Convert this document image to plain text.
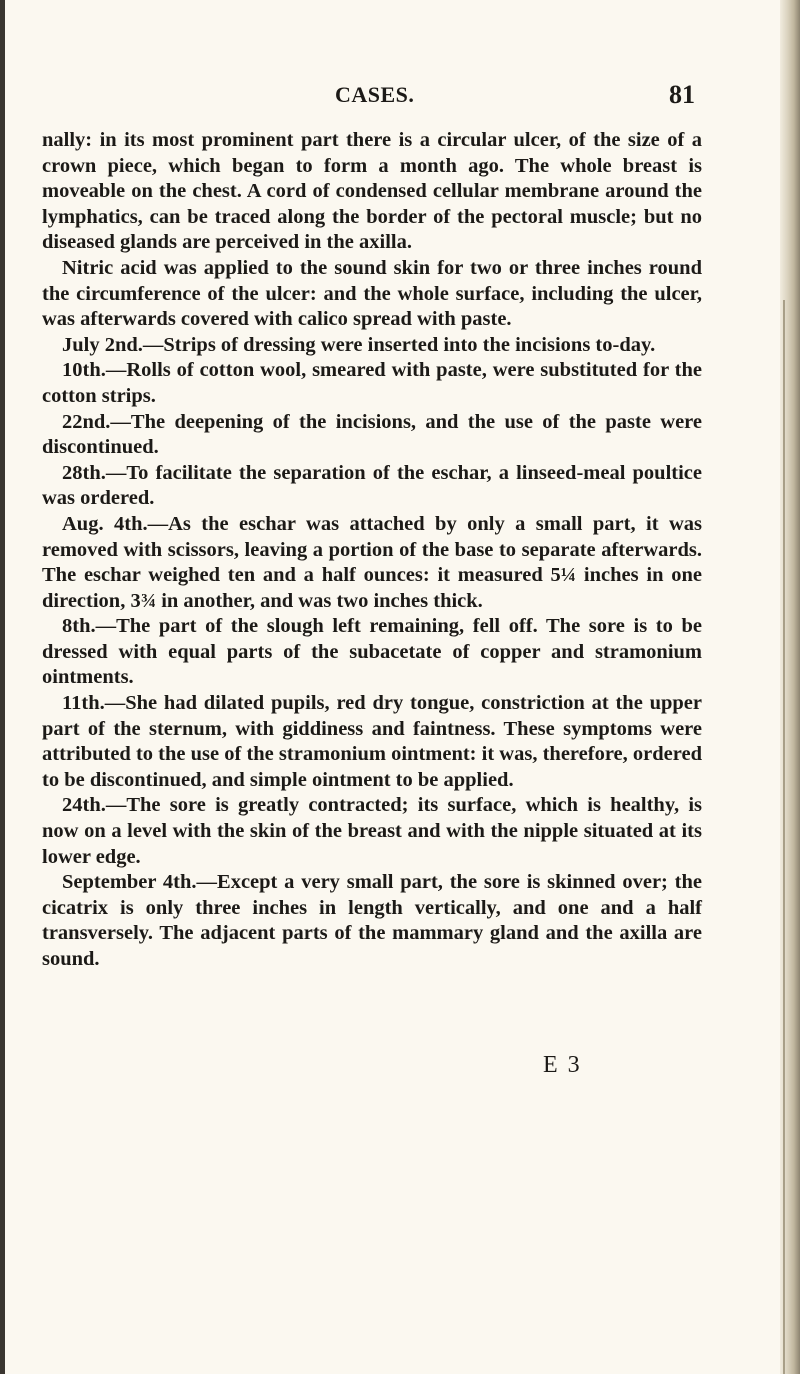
CASES.	81

nally: in its most prominent part there is a circular ulcer, of the size of a crown piece, which began to form a month ago. The whole breast is moveable on the chest. A cord of condensed cellular membrane around the lymphatics, can be traced along the border of the pectoral muscle; but no diseased glands are perceived in the axilla.

Nitric acid was applied to the sound skin for two or three inches round the circumference of the ulcer: and the whole surface, including the ulcer, was afterwards covered with calico spread with paste.

July 2nd.—Strips of dressing were inserted into the incisions to-day.

10th.—Rolls of cotton wool, smeared with paste, were substituted for the cotton strips.

22nd.—The deepening of the incisions, and the use of the paste were discontinued.

28th.—To facilitate the separation of the eschar, a linseed-meal poultice was ordered.

Aug. 4th.—As the eschar was attached by only a small part, it was removed with scissors, leaving a portion of the base to separate afterwards. The eschar weighed ten and a half ounces: it measured 5¼ inches in one direction, 3¾ in another, and was two inches thick.

8th.—The part of the slough left remaining, fell off. The sore is to be dressed with equal parts of the subacetate of copper and stramonium ointments.

11th.—She had dilated pupils, red dry tongue, constriction at the upper part of the sternum, with giddiness and faintness. These symptoms were attributed to the use of the stramonium ointment: it was, therefore, ordered to be discontinued, and simple ointment to be applied.

24th.—The sore is greatly contracted; its surface, which is healthy, is now on a level with the skin of the breast and with the nipple situated at its lower edge.

September 4th.—Except a very small part, the sore is skinned over; the cicatrix is only three inches in length vertically, and one and a half transversely. The adjacent parts of the mammary gland and the axilla are sound.

E 3
